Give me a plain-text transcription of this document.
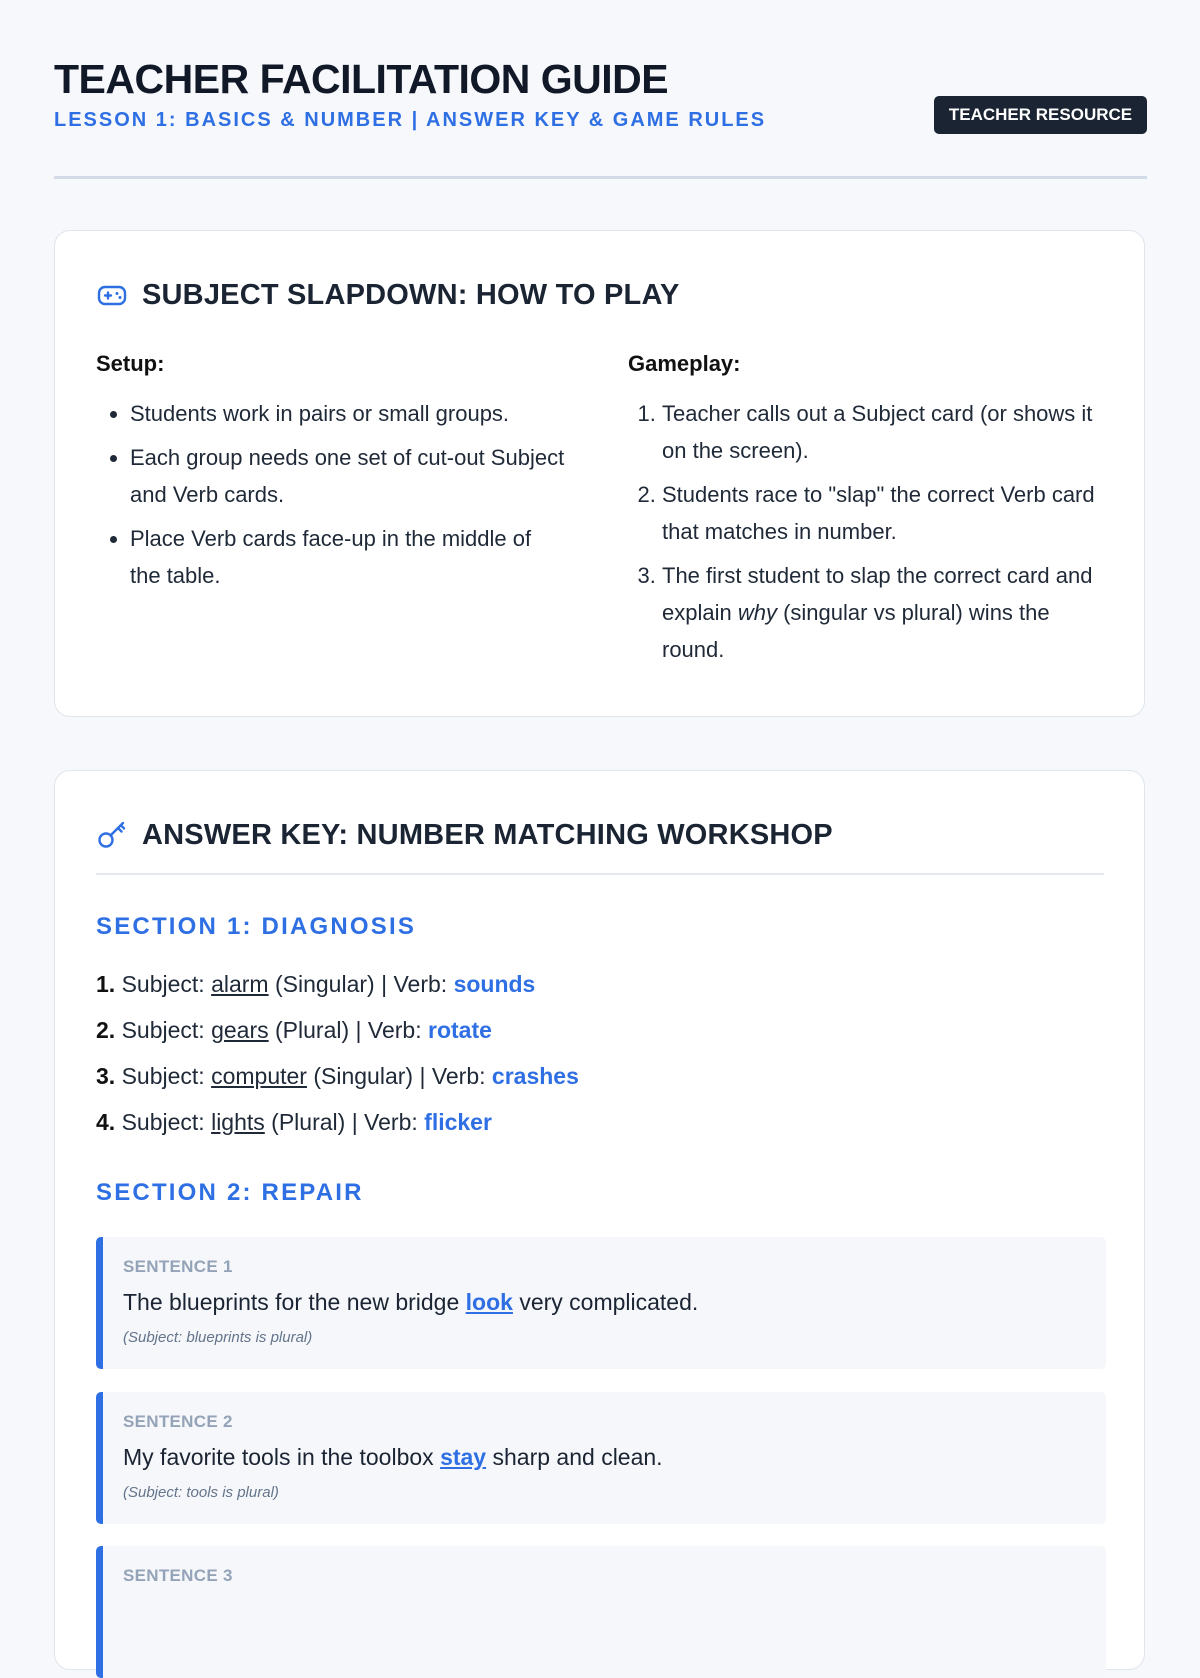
TEACHER FACILITATION GUIDE
LESSON 1: BASICS & NUMBER | ANSWER KEY & GAME RULES	TEACHER RESOURCE
SUBJECT SLAPDOWN: HOW TO PLAY
Setup:
• Students work in pairs or small groups.
• Each group needs one set of cut-out Subject and Verb cards.
• Place Verb cards face-up in the middle of the table.
Gameplay:
1. Teacher calls out a Subject card (or shows it on the screen).
2. Students race to "slap" the correct Verb card that matches in number.
3. The first student to slap the correct card and explain why (singular vs plural) wins the round.
ANSWER KEY: NUMBER MATCHING WORKSHOP
SECTION 1: DIAGNOSIS
1. Subject: alarm (Singular) | Verb: sounds
2. Subject: gears (Plural) | Verb: rotate
3. Subject: computer (Singular) | Verb: crashes
4. Subject: lights (Plural) | Verb: flicker
SECTION 2: REPAIR
SENTENCE 1
The blueprints for the new bridge look very complicated.
(Subject: blueprints is plural)
SENTENCE 2
My favorite tools in the toolbox stay sharp and clean.
(Subject: tools is plural)
SENTENCE 3
